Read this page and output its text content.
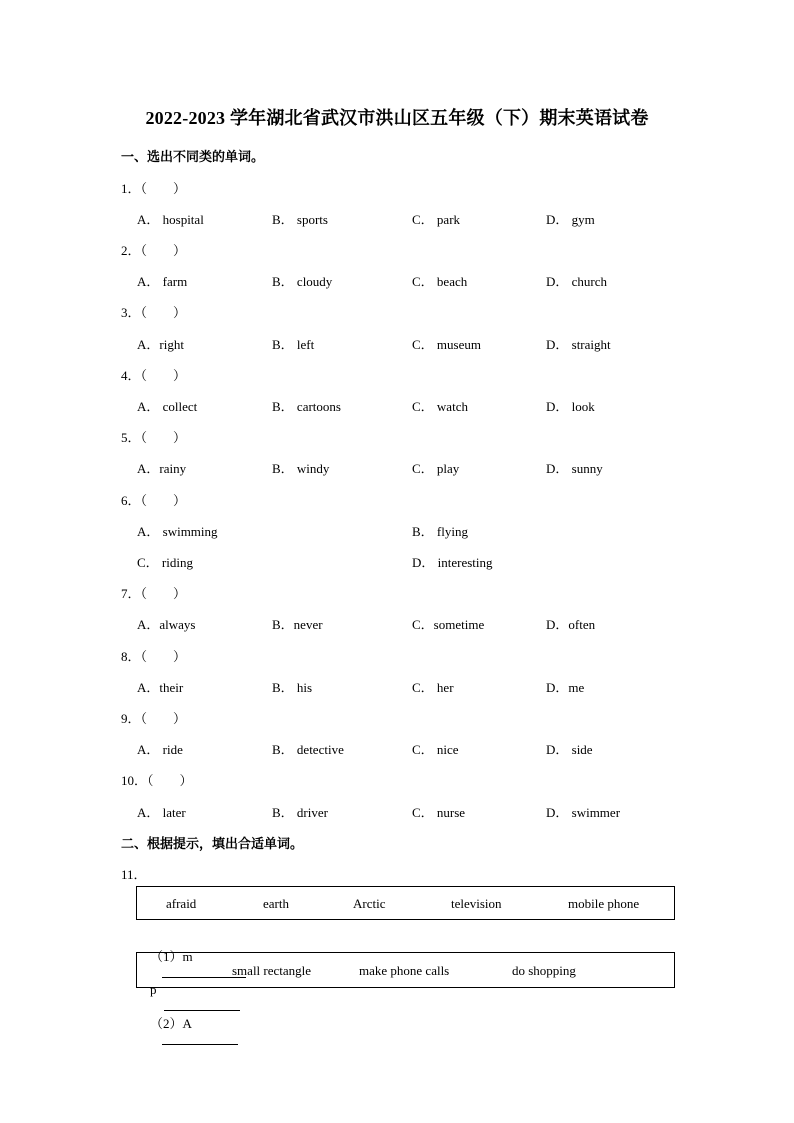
2022-2023 学年湖北省武汉市洪山区五年级（下）期末英语试卷
一、选出不同类的单词。
1．（　　）
A． hospital	B． sports	C． park	D． gym
2．（　　）
A． farm	B． cloudy	C． beach	D． church
3．（　　）
A．right	B． left	C． museum	D． straight
4．（　　）
A． collect	B． cartoons	C． watch	D． look
5．（　　）
A．rainy	B． windy	C． play	D． sunny
6．（　　）
A． swimming	B． flying
C． riding	D． interesting
7．（　　）
A．always	B．never	C．sometime	D．often
8．（　　）
A．their	B． his	C． her	D．me
9．（　　）
A． ride	B． detective	C． nice	D． side
10．（　　）
A． later	B． driver	C． nurse	D． swimmer
二、根据提示，填出合适单词。
11．
afraid	earth	Arctic	television	mobile phone

（1）m

p

small rectangle	make phone calls	do shopping

（2）A
